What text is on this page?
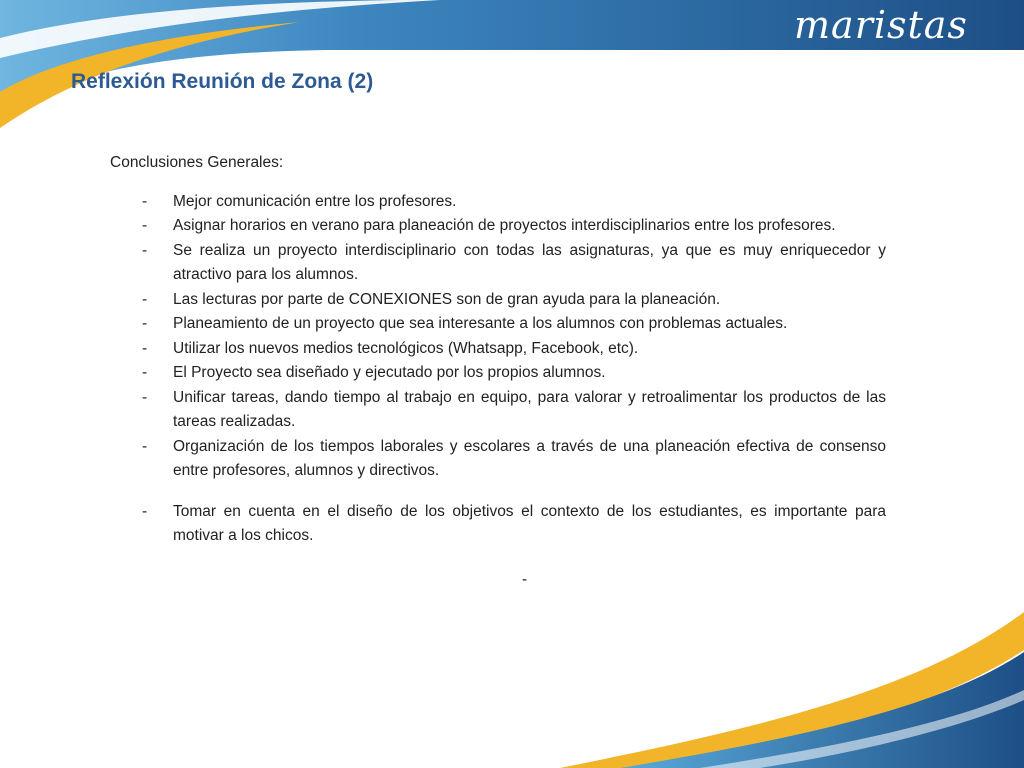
maristas
Reflexión Reunión de Zona (2)

Conclusiones Generales:

- Mejor comunicación entre los profesores.
- Asignar horarios en verano para planeación de proyectos interdisciplinarios entre los profesores.
- Se realiza un proyecto interdisciplinario con todas las asignaturas, ya que es muy enriquecedor y atractivo para los alumnos.
- Las lecturas por parte de CONEXIONES son de gran ayuda para la planeación.
- Planeamiento de un proyecto que sea interesante a los alumnos con problemas actuales.
- Utilizar los nuevos medios tecnológicos (Whatsapp, Facebook, etc).
- El Proyecto sea diseñado y ejecutado por los propios alumnos.
- Unificar tareas, dando tiempo al trabajo en equipo, para valorar y retroalimentar los productos de las tareas realizadas.
- Organización de los tiempos laborales y escolares a través de una planeación efectiva de consenso entre profesores, alumnos y directivos.
- Tomar en cuenta en el diseño de los objetivos el contexto de los estudiantes, es importante para motivar a los chicos.
-
